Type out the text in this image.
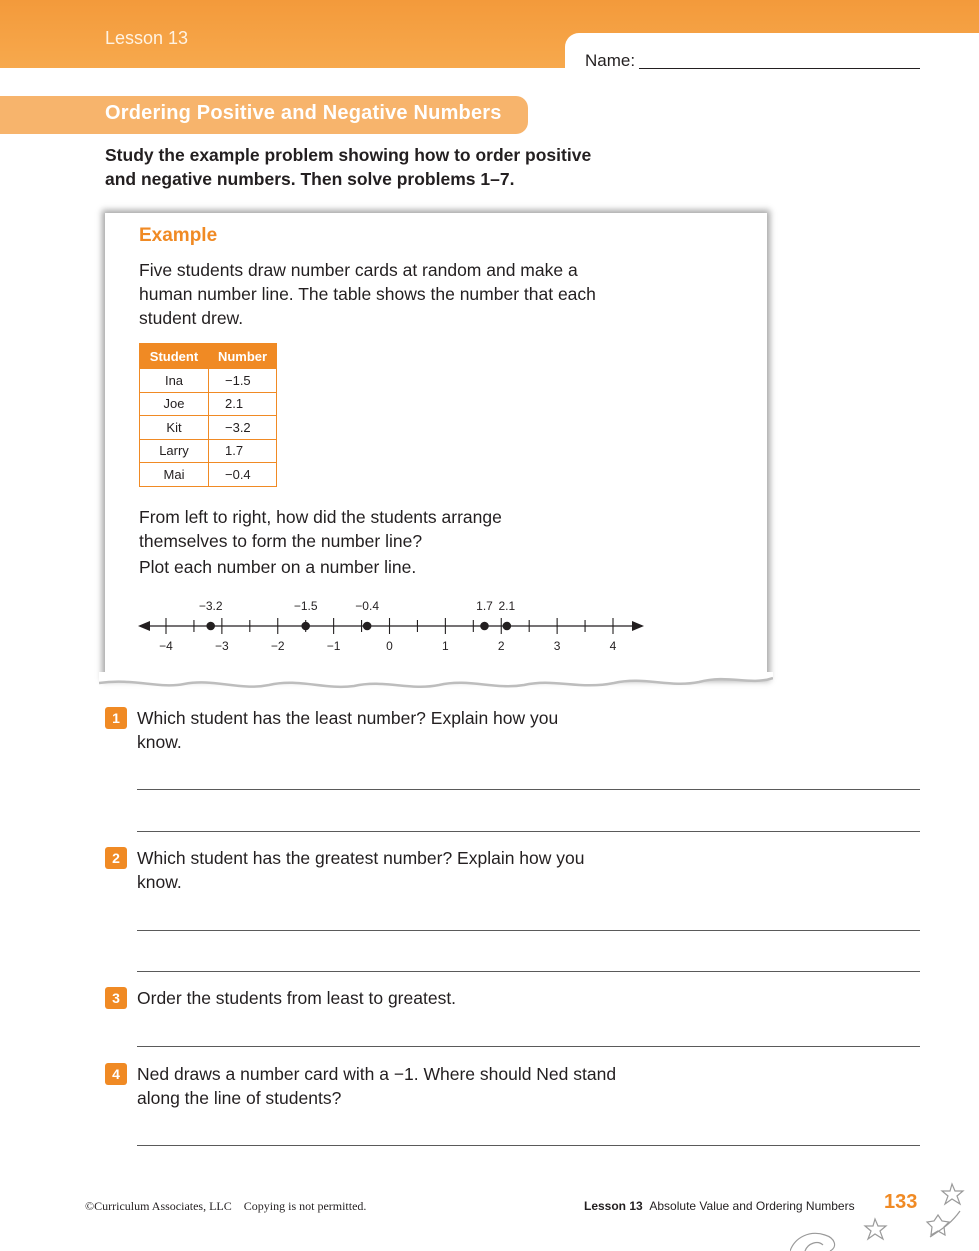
Lesson 13
Name:
Ordering Positive and Negative Numbers
Study the example problem showing how to order positive and negative numbers. Then solve problems 1–7.
Example
Five students draw number cards at random and make a human number line. The table shows the number that each student drew.
Student	Number
Ina	−1.5
Joe	2.1
Kit	−3.2
Larry	1.7
Mai	−0.4
From left to right, how did the students arrange themselves to form the number line?
Plot each number on a number line.
−4	−3	−2	−1	0	1	2	3	4
−3.2	−1.5	−0.4	1.7 2.1
1 Which student has the least number? Explain how you know.
2 Which student has the greatest number? Explain how you know.
3 Order the students from least to greatest.
4 Ned draws a number card with a −1. Where should Ned stand along the line of students?
©Curriculum Associates, LLC    Copying is not permitted.	Lesson 13 Absolute Value and Ordering Numbers 133
